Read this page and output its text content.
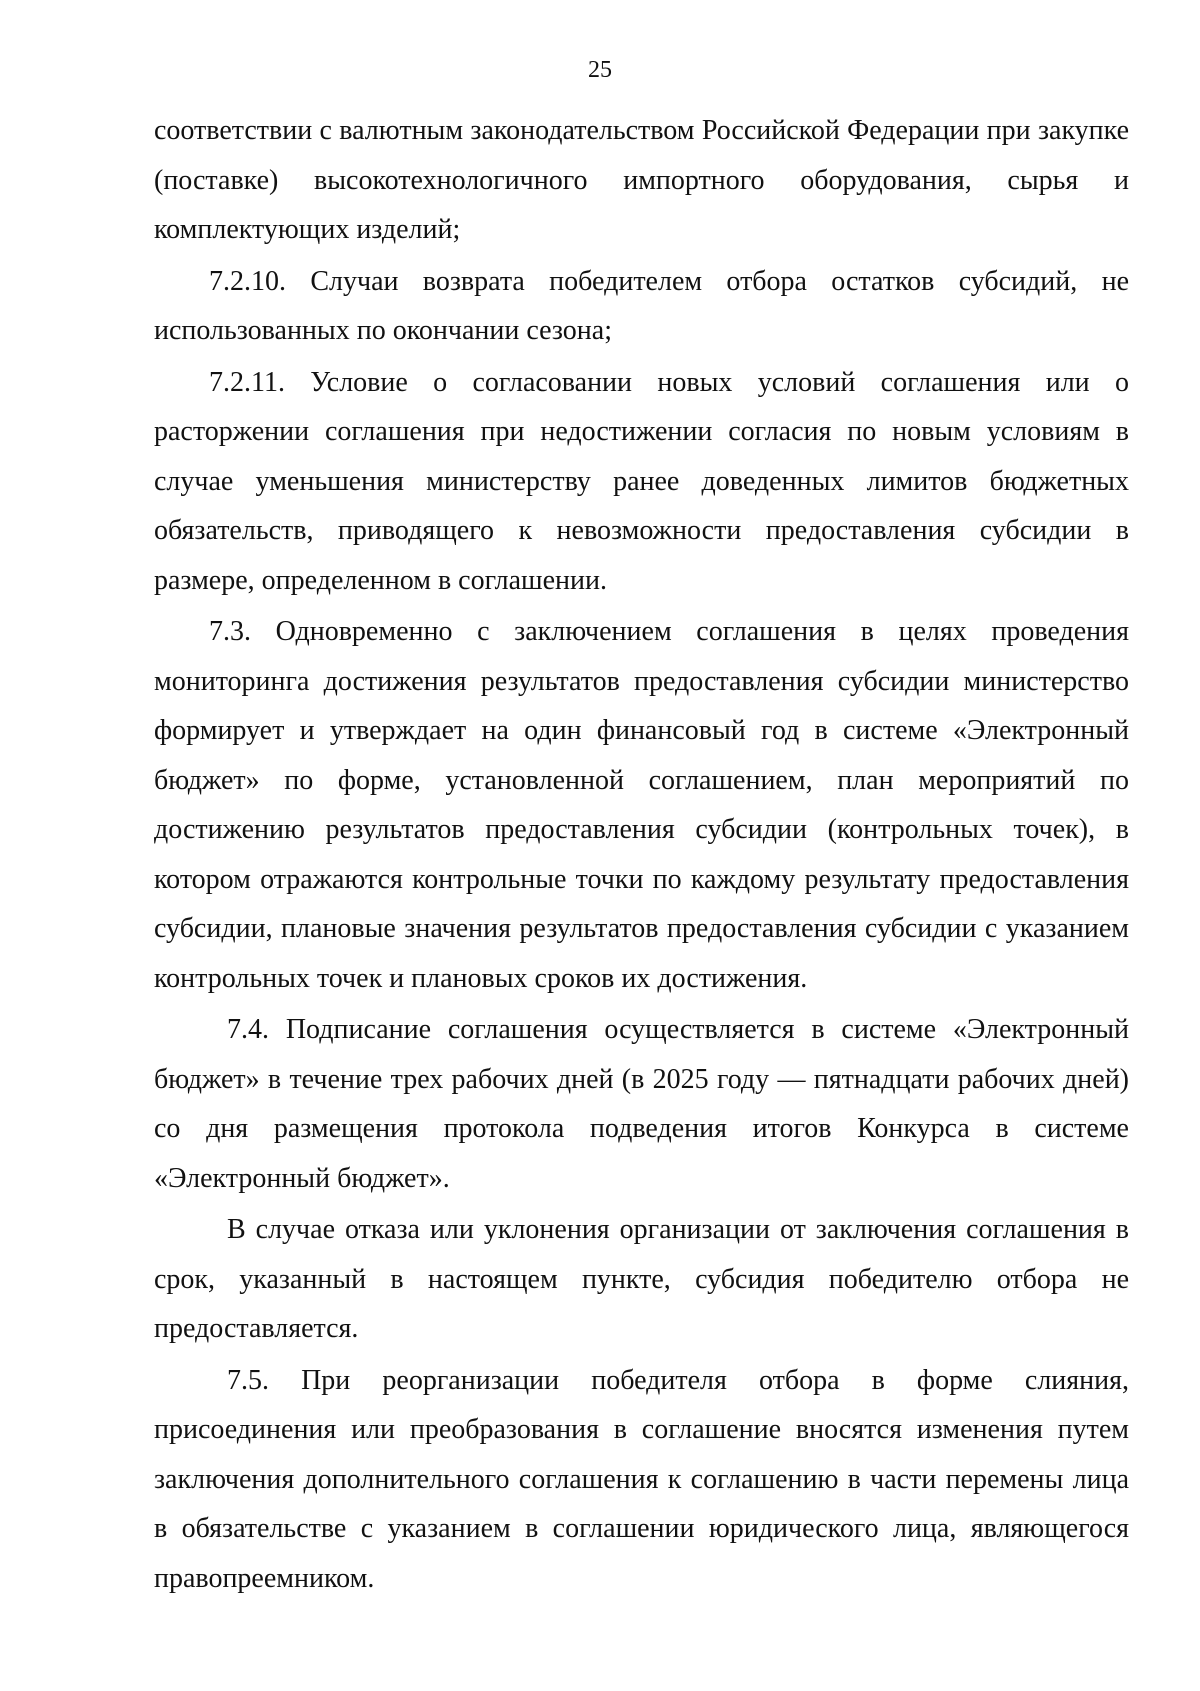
25

соответствии с валютным законодательством Российской Федерации при закупке (поставке) высокотехнологичного импортного оборудования, сырья и комплектующих изделий;

7.2.10. Случаи возврата победителем отбора остатков субсидий, не использованных по окончании сезона;

7.2.11. Условие о согласовании новых условий соглашения или о расторжении соглашения при недостижении согласия по новым условиям в случае уменьшения министерству ранее доведенных лимитов бюджетных обязательств, приводящего к невозможности предоставления субсидии в размере, определенном в соглашении.

7.3. Одновременно с заключением соглашения в целях проведения мониторинга достижения результатов предоставления субсидии министерство формирует и утверждает на один финансовый год в системе «Электронный бюджет» по форме, установленной соглашением, план мероприятий по достижению результатов предоставления субсидии (контрольных точек), в котором отражаются контрольные точки по каждому результату предоставления субсидии, плановые значения результатов предоставления субсидии с указанием контрольных точек и плановых сроков их достижения.

7.4. Подписание соглашения осуществляется в системе «Электронный бюджет» в течение трех рабочих дней (в 2025 году — пятнадцати рабочих дней) со дня размещения протокола подведения итогов Конкурса в системе «Электронный бюджет».

В случае отказа или уклонения организации от заключения соглашения в срок, указанный в настоящем пункте, субсидия победителю отбора не предоставляется.

7.5. При реорганизации победителя отбора в форме слияния, присоединения или преобразования в соглашение вносятся изменения путем заключения дополнительного соглашения к соглашению в части перемены лица в обязательстве с указанием в соглашении юридического лица, являющегося правопреемником.
